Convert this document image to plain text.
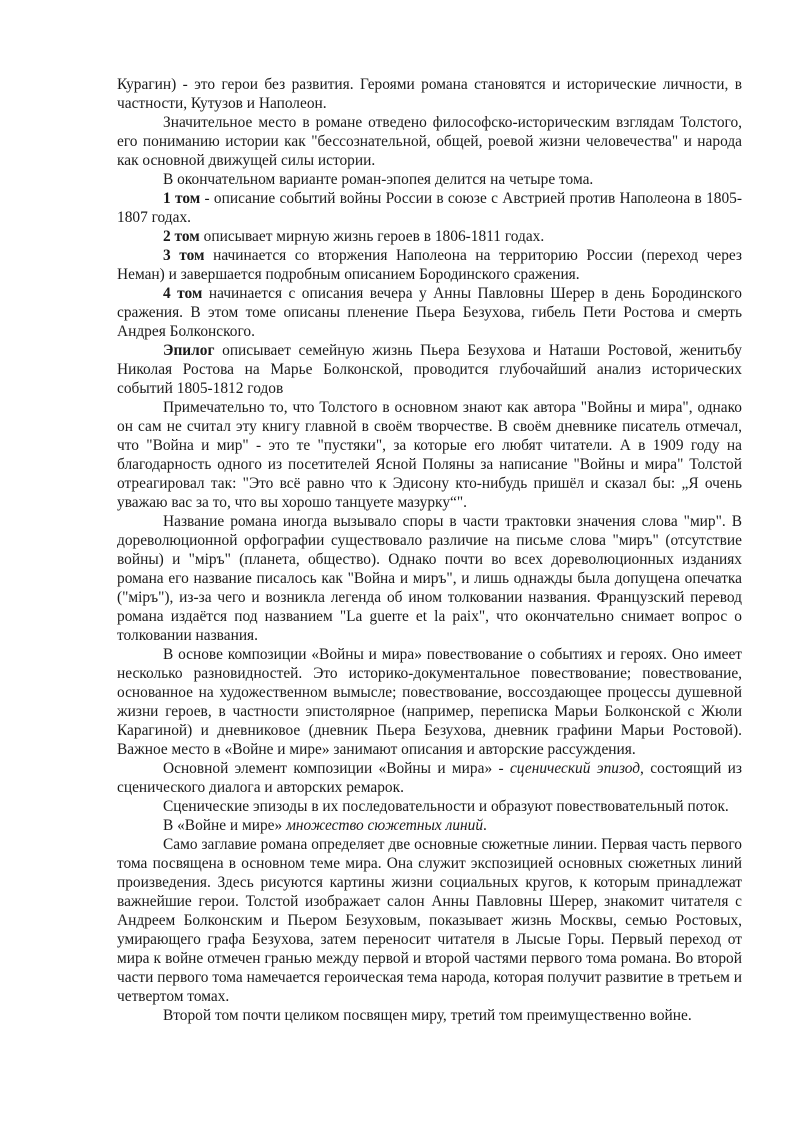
Курагин) - это герои без развития. Героями романа становятся и исторические личности, в частности, Кутузов и Наполеон.

Значительное место в романе отведено философско-историческим взглядам Толстого, его пониманию истории как "бессознательной, общей, роевой жизни человечества" и народа как основной движущей силы истории.

В окончательном варианте роман-эпопея делится на четыре тома.

1 том - описание событий войны России в союзе с Австрией против Наполеона в 1805-1807 годах.

2 том описывает мирную жизнь героев в 1806-1811 годах.

3 том начинается со вторжения Наполеона на территорию России (переход через Неман) и завершается подробным описанием Бородинского сражения.

4 том начинается с описания вечера у Анны Павловны Шерер в день Бородинского сражения. В этом томе описаны пленение Пьера Безухова, гибель Пети Ростова и смерть Андрея Болконского.

Эпилог описывает семейную жизнь Пьера Безухова и Наташи Ростовой, женитьбу Николая Ростова на Марье Болконской, проводится глубочайший анализ исторических событий 1805-1812 годов

Примечательно то, что Толстого в основном знают как автора "Войны и мира", однако он сам не считал эту книгу главной в своём творчестве. В своём дневнике писатель отмечал, что "Война и мир" - это те "пустяки", за которые его любят читатели. А в 1909 году на благодарность одного из посетителей Ясной Поляны за написание "Войны и мира" Толстой отреагировал так: "Это всё равно что к Эдисону кто-нибудь пришёл и сказал бы: „Я очень уважаю вас за то, что вы хорошо танцуете мазурку“".

Название романа иногда вызывало споры в части трактовки значения слова "мир". В дореволюционной орфографии существовало различие на письме слова "миръ" (отсутствие войны) и "мiръ" (планета, общество). Однако почти во всех дореволюционных изданиях романа его название писалось как "Война и миръ", и лишь однажды была допущена опечатка ("мiръ"), из-за чего и возникла легенда об ином толковании названия. Французский перевод романа издаётся под названием "La guerre et la paix", что окончательно снимает вопрос о толковании названия.

В основе композиции «Войны и мира» повествование о событиях и героях. Оно имеет несколько разновидностей. Это историко-документальное повествование; повествование, основанное на художественном вымысле; повествование, воссоздающее процессы душевной жизни героев, в частности эпистолярное (например, переписка Марьи Болконской с Жюли Карагиной) и дневниковое (дневник Пьера Безухова, дневник графини Марьи Ростовой). Важное место в «Войне и мире» занимают описания и авторские рассуждения.

Основной элемент композиции «Войны и мира» - сценический эпизод, состоящий из сценического диалога и авторских ремарок.

Сценические эпизоды в их последовательности и образуют повествовательный поток.

В «Войне и мире» множество сюжетных линий.

Само заглавие романа определяет две основные сюжетные линии. Первая часть первого тома посвящена в основном теме мира. Она служит экспозицией основных сюжетных линий произведения. Здесь рисуются картины жизни социальных кругов, к которым принадлежат важнейшие герои. Толстой изображает салон Анны Павловны Шерер, знакомит читателя с Андреем Болконским и Пьером Безуховым, показывает жизнь Москвы, семью Ростовых, умирающего графа Безухова, затем переносит читателя в Лысые Горы. Первый переход от мира к войне отмечен гранью между первой и второй частями первого тома романа. Во второй части первого тома намечается героическая тема народа, которая получит развитие в третьем и четвертом томах.

Второй том почти целиком посвящен миру, третий том преимущественно войне.
